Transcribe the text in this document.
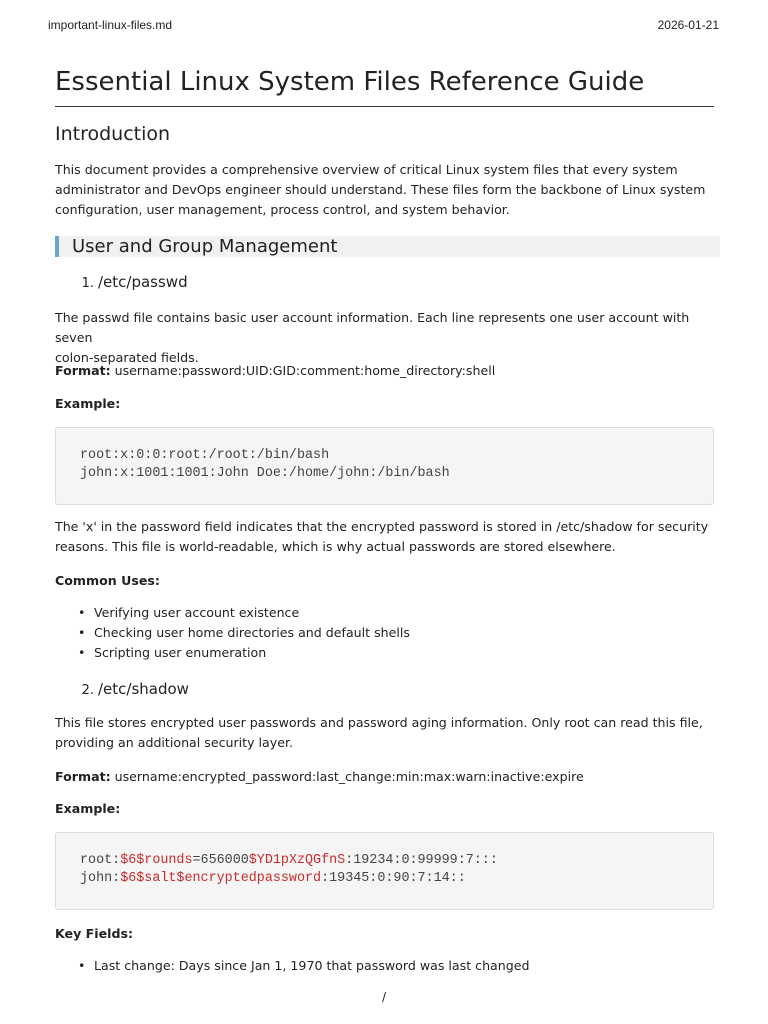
important-linux-files.md	2026-01-21
Essential Linux System Files Reference Guide
Introduction

This document provides a comprehensive overview of critical Linux system files that every system

administrator and DevOps engineer should understand. These files form the backbone of Linux system

configuration, user management, process control, and system behavior.

User and Group Management
1. /etc/passwd

The passwd file contains basic user account information. Each line represents one user account with seven

colon-separated fields.

Format: username:password:UID:GID:comment:home_directory:shell

Example:

root:x:0:0:root:/root:/bin/bash
john:x:1001:1001:John Doe:/home/john:/bin/bash

The 'x' in the password field indicates that the encrypted password is stored in /etc/shadow for security

reasons. This file is world-readable, which is why actual passwords are stored elsewhere.

Common Uses:

• Verifying user account existence
• Checking user home directories and default shells
• Scripting user enumeration
2. /etc/shadow

This file stores encrypted user passwords and password aging information. Only root can read this file,

providing an additional security layer.

Format: username:encrypted_password:last_change:min:max:warn:inactive:expire

Example:

root:$6$rounds=656000$YD1pXzQGfnS:19234:0:99999:7:::
john:$6$salt$encryptedpassword:19345:0:90:7:14::

Key Fields:

• Last change: Days since Jan 1, 1970 that password was last changed
/
